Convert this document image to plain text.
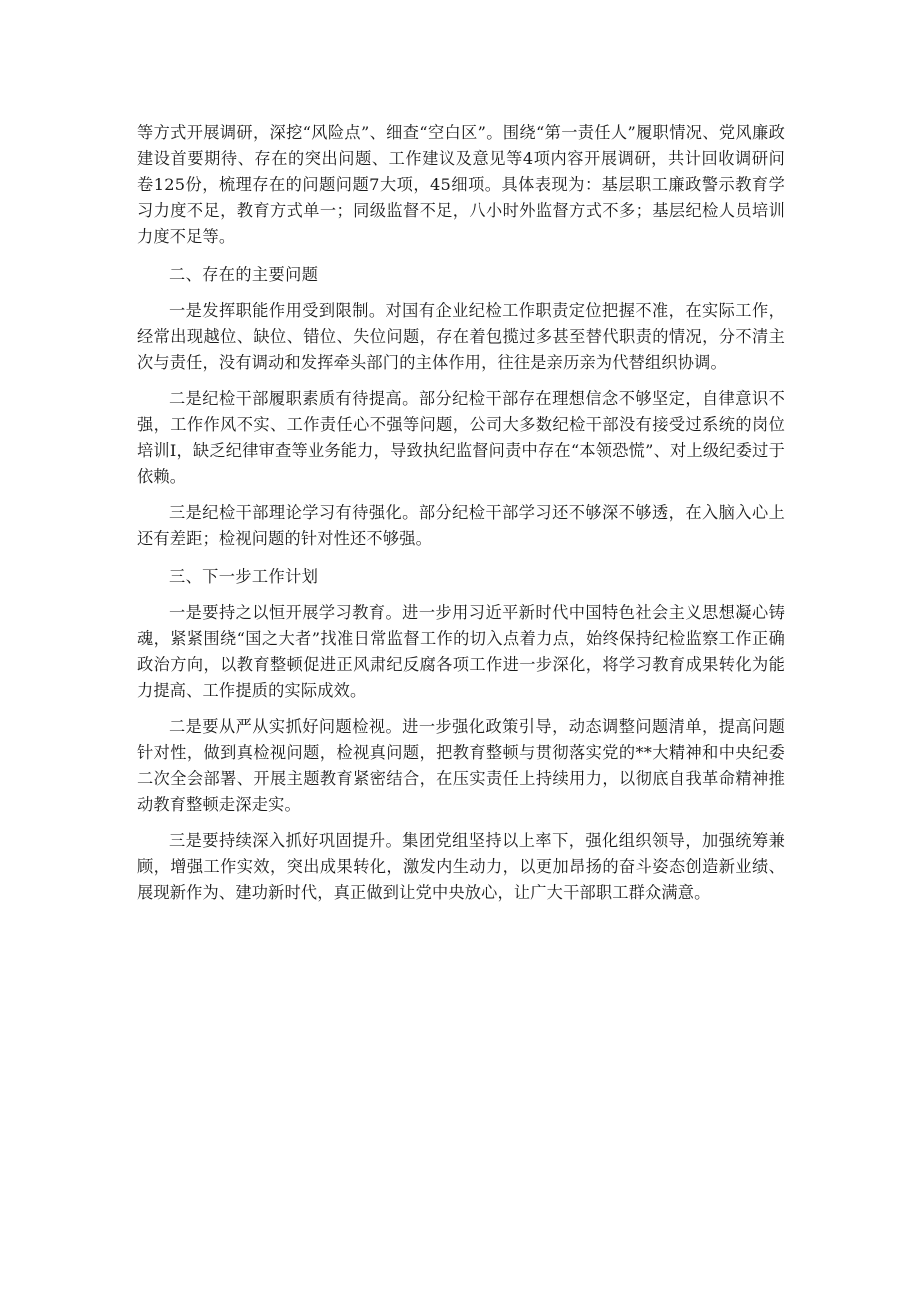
等方式开展调研，深挖“风险点”、细查“空白区”。围绕“第一责任人”履职情况、党风廉政建设首要期待、存在的突出问题、工作建议及意见等4项内容开展调研，共计回收调研问卷125份，梳理存在的问题问题7大项，45细项。具体表现为：基层职工廉政警示教育学习力度不足，教育方式单一；同级监督不足，八小时外监督方式不多；基层纪检人员培训力度不足等。

二、存在的主要问题

一是发挥职能作用受到限制。对国有企业纪检工作职责定位把握不准，在实际工作，经常出现越位、缺位、错位、失位问题，存在着包揽过多甚至替代职责的情况，分不清主次与责任，没有调动和发挥牵头部门的主体作用，往往是亲历亲为代替组织协调。

二是纪检干部履职素质有待提高。部分纪检干部存在理想信念不够坚定，自律意识不强，工作作风不实、工作责任心不强等问题，公司大多数纪检干部没有接受过系统的岗位培训I，缺乏纪律审查等业务能力，导致执纪监督问责中存在“本领恐慌”、对上级纪委过于依赖。

三是纪检干部理论学习有待强化。部分纪检干部学习还不够深不够透，在入脑入心上还有差距；检视问题的针对性还不够强。

三、下一步工作计划

一是要持之以恒开展学习教育。进一步用习近平新时代中国特色社会主义思想凝心铸魂，紧紧围绕“国之大者”找准日常监督工作的切入点着力点，始终保持纪检监察工作正确政治方向，以教育整顿促进正风肃纪反腐各项工作进一步深化，将学习教育成果转化为能力提高、工作提质的实际成效。

二是要从严从实抓好问题检视。进一步强化政策引导，动态调整问题清单，提高问题针对性，做到真检视问题，检视真问题，把教育整顿与贯彻落实党的**大精神和中央纪委二次全会部署、开展主题教育紧密结合，在压实责任上持续用力，以彻底自我革命精神推动教育整顿走深走实。

三是要持续深入抓好巩固提升。集团党组坚持以上率下，强化组织领导，加强统筹兼顾，增强工作实效，突出成果转化，激发内生动力，以更加昂扬的奋斗姿态创造新业绩、展现新作为、建功新时代，真正做到让党中央放心，让广大干部职工群众满意。
